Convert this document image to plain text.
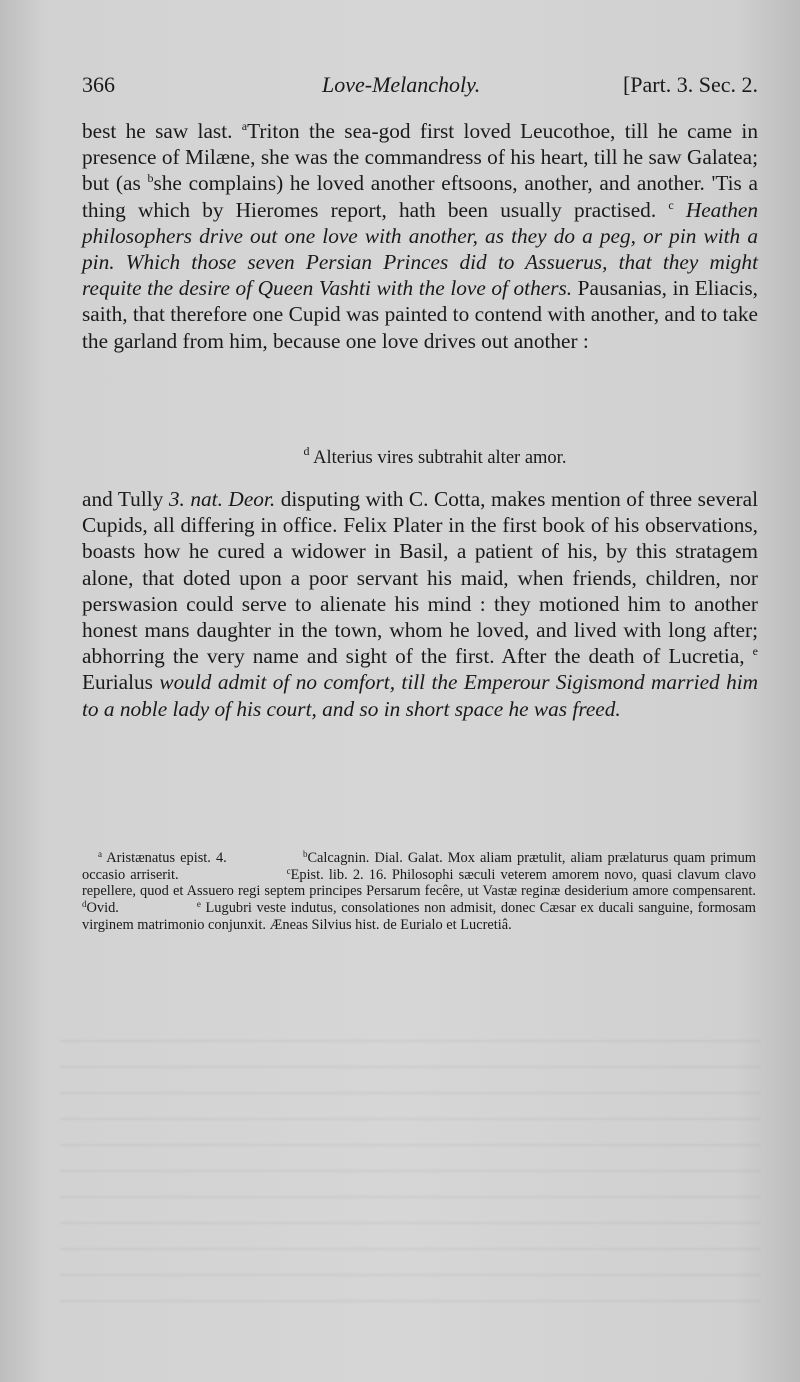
366	Love-Melancholy.	[Part. 3. Sec. 2.

best he saw last. $^a$Triton the sea-god first loved Leucothoe, till he came in presence of Milæne, she was the commandress of his heart, till he saw Galatea; but (as $^b$she complains) he loved another eftsoons, another, and another. 'Tis a thing which by Hieromes report, hath been usually practised. $^c$ Heathen philosophers drive out one love with another, as they do a peg, or pin with a pin. Which those seven Persian Princes did to Assuerus, that they might requite the desire of Queen Vashti with the love of others. Pausanias, in Eliacis, saith, that therefore one Cupid was painted to contend with another, and to take the garland from him, because one love drives out another :

$^d$ Alterius vires subtrahit alter amor.

and Tully 3. nat. Deor. disputing with C. Cotta, makes mention of three several Cupids, all differing in office. Felix Plater in the first book of his observations, boasts how he cured a widower in Basil, a patient of his, by this stratagem alone, that doted upon a poor servant his maid, when friends, children, nor perswasion could serve to alienate his mind : they motioned him to another honest mans daughter in the town, whom he loved, and lived with long after; abhorring the very name and sight of the first. After the death of Lucretia, $^e$ Eurialus would admit of no comfort, till the Emperour Sigismond married him to a noble lady of his court, and so in short space he was freed.

$^a$ Aristænatus epist. 4.	$^b$Calcagnin. Dial. Galat. Mox aliam prætulit, aliam prælaturus quam primum occasio arriserit.	$^c$Epist. lib. 2. 16. Philosophi sæculi veterem amorem novo, quasi clavum clavo repellere, quod et Assuero regi septem principes Persarum fecêre, ut Vastæ reginæ desiderium amore compensarent. $^d$Ovid.	$^e$ Lugubri veste indutus, consolationes non admisit, donec Cæsar ex ducali sanguine, formosam virginem matrimonio conjunxit. Æneas Silvius hist. de Eurialo et Lucretiâ.
